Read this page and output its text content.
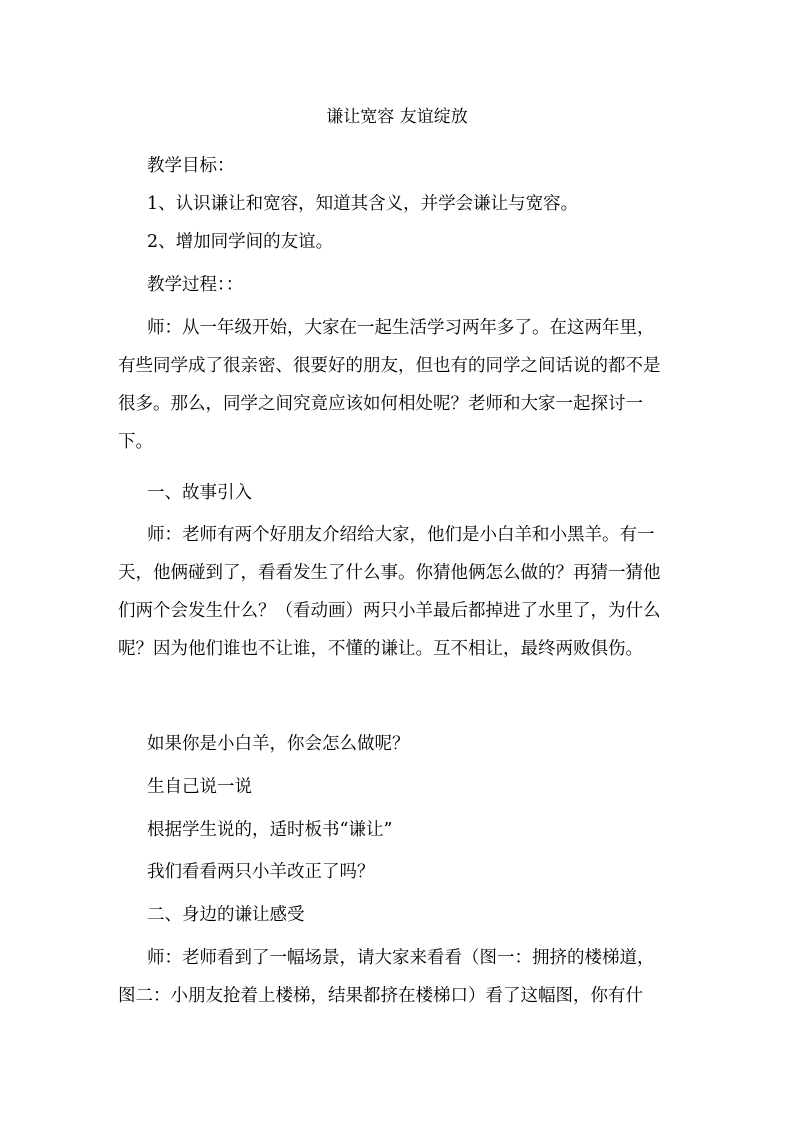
谦让宽容 友谊绽放

教学目标：

1、认识谦让和宽容，知道其含义，并学会谦让与宽容。

2、增加同学间的友谊。

教学过程：：

师：从一年级开始，大家在一起生活学习两年多了。在这两年里，有些同学成了很亲密、很要好的朋友，但也有的同学之间话说的都不是很多。那么，同学之间究竟应该如何相处呢？老师和大家一起探讨一下。

一、故事引入

师：老师有两个好朋友介绍给大家，他们是小白羊和小黑羊。有一天，他俩碰到了，看看发生了什么事。你猜他俩怎么做的？再猜一猜他们两个会发生什么？（看动画）两只小羊最后都掉进了水里了，为什么呢？因为他们谁也不让谁，不懂的谦让。互不相让，最终两败俱伤。

如果你是小白羊，你会怎么做呢？

生自己说一说

根据学生说的，适时板书“谦让”

我们看看两只小羊改正了吗？

二、身边的谦让感受

师：老师看到了一幅场景，请大家来看看（图一：拥挤的楼梯道，图二：小朋友抢着上楼梯，结果都挤在楼梯口）看了这幅图，你有什
